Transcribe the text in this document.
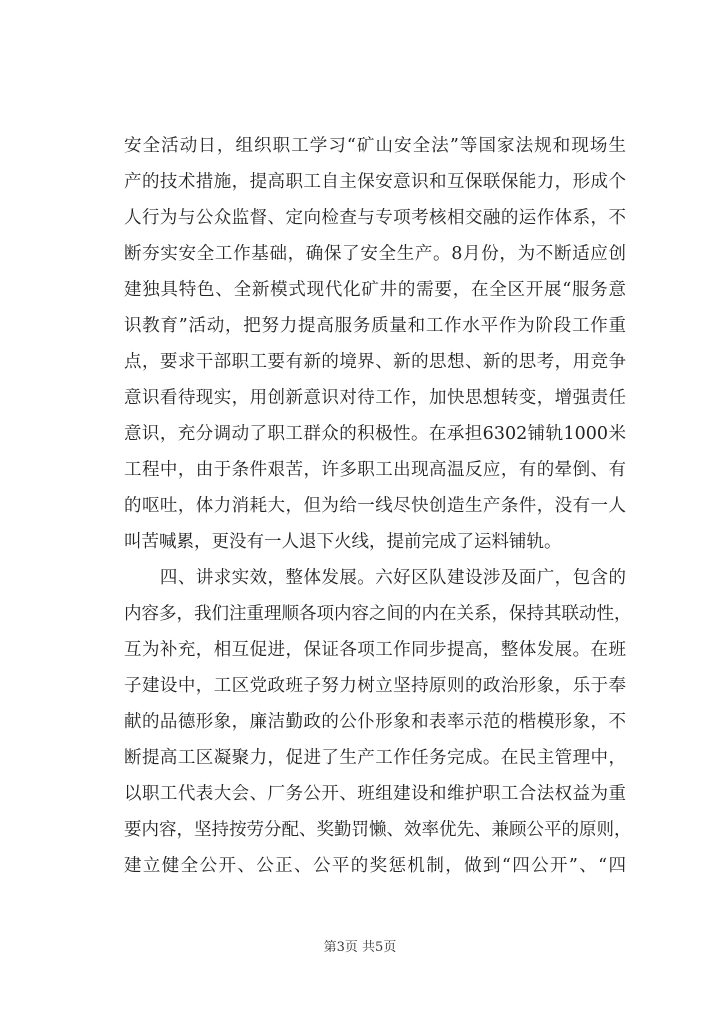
安全活动日，组织职工学习“矿山安全法”等国家法规和现场生
产的技术措施，提高职工自主保安意识和互保联保能力，形成个
人行为与公众监督、定向检查与专项考核相交融的运作体系，不
断夯实安全工作基础，确保了安全生产。8月份，为不断适应创
建独具特色、全新模式现代化矿井的需要，在全区开展“服务意
识教育”活动，把努力提高服务质量和工作水平作为阶段工作重
点，要求干部职工要有新的境界、新的思想、新的思考，用竞争
意识看待现实，用创新意识对待工作，加快思想转变，增强责任
意识，充分调动了职工群众的积极性。在承担6302铺轨1000米
工程中，由于条件艰苦，许多职工出现高温反应，有的晕倒、有
的呕吐，体力消耗大，但为给一线尽快创造生产条件，没有一人
叫苦喊累，更没有一人退下火线，提前完成了运料铺轨。
　　四、讲求实效，整体发展。六好区队建设涉及面广，包含的
内容多，我们注重理顺各项内容之间的内在关系，保持其联动性，
互为补充，相互促进，保证各项工作同步提高，整体发展。在班
子建设中，工区党政班子努力树立坚持原则的政治形象，乐于奉
献的品德形象，廉洁勤政的公仆形象和表率示范的楷模形象，不
断提高工区凝聚力，促进了生产工作任务完成。在民主管理中，
以职工代表大会、厂务公开、班组建设和维护职工合法权益为重
要内容，坚持按劳分配、奖勤罚懒、效率优先、兼顾公平的原则，
建立健全公开、公正、公平的奖惩机制，做到“四公开”、“四
第3页 共5页
